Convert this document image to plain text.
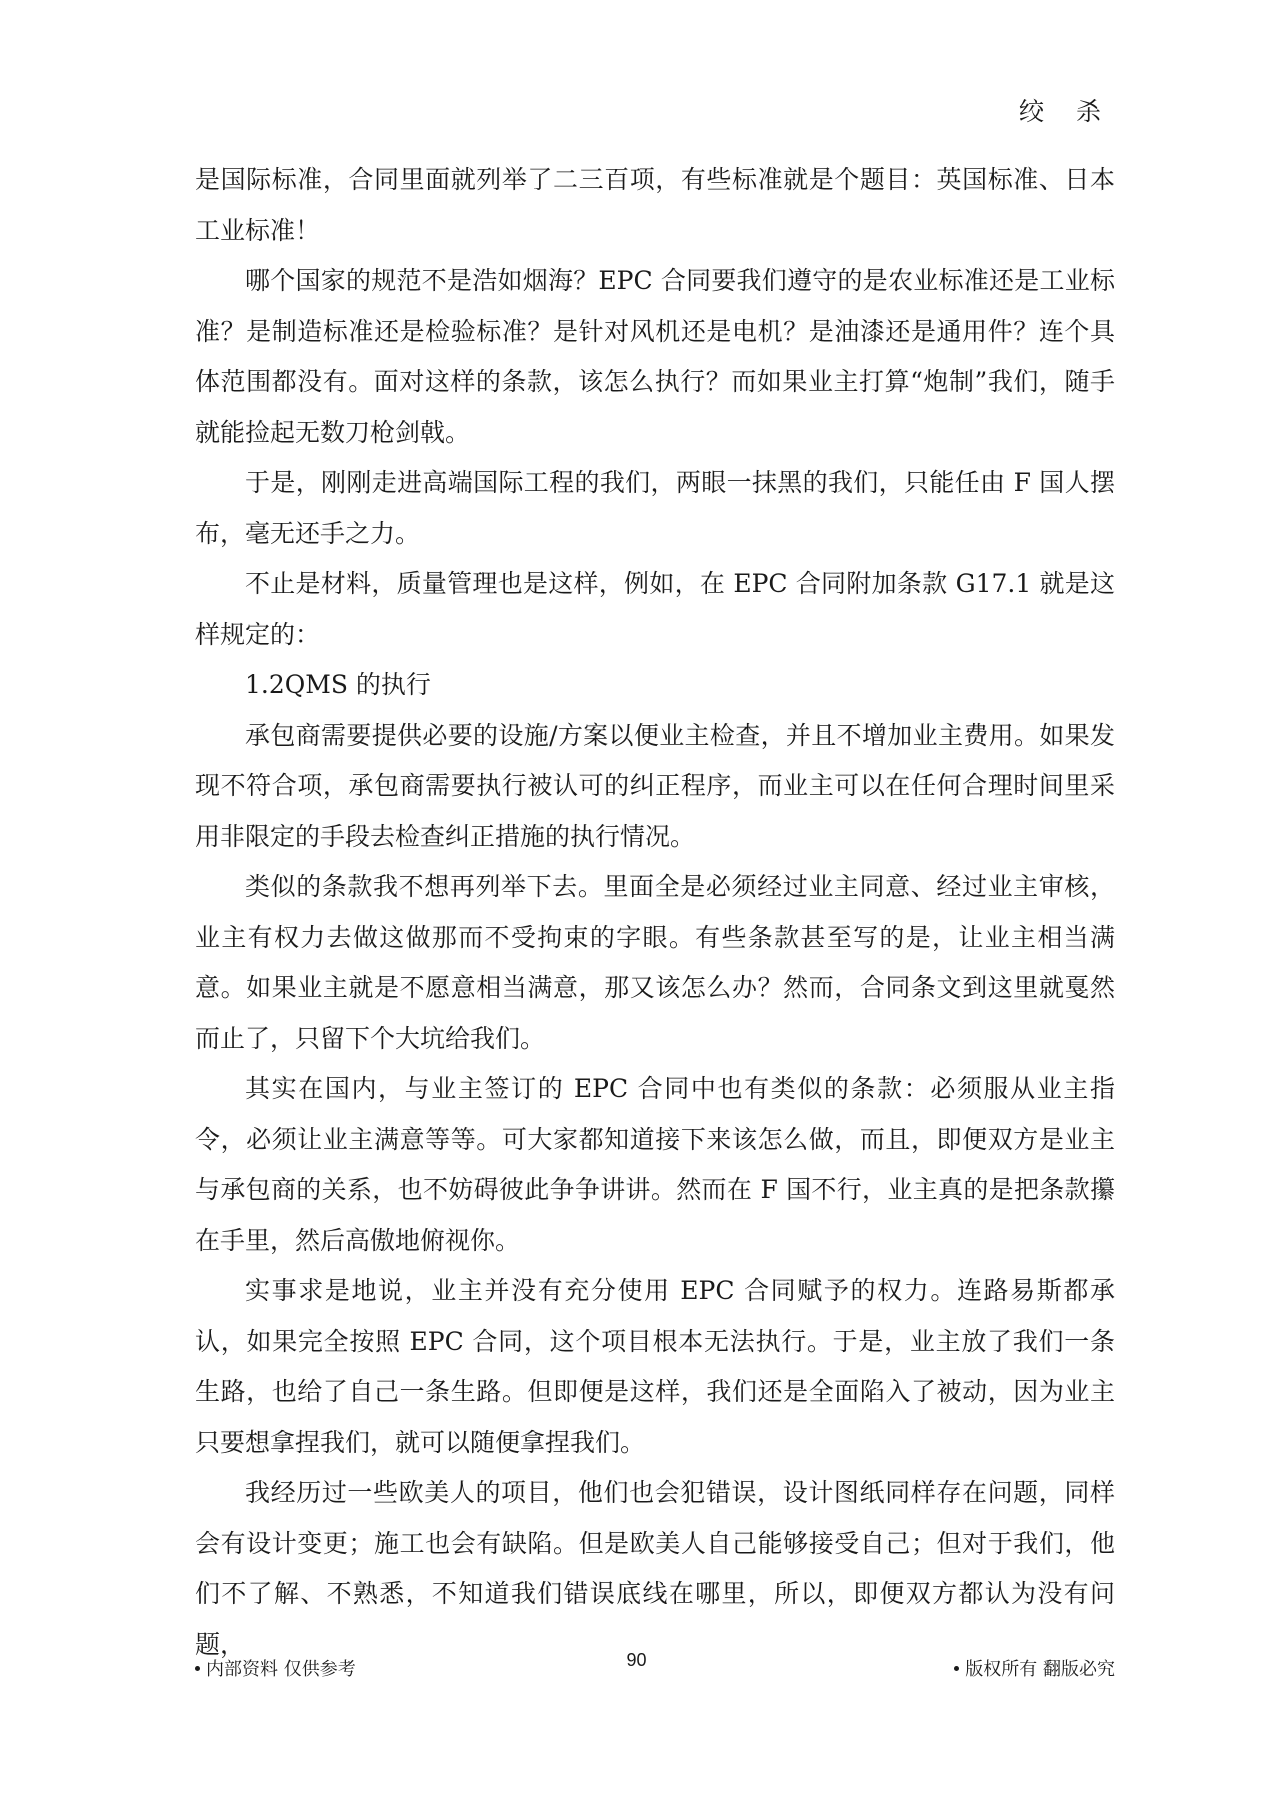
绞 杀

是国际标准，合同里面就列举了二三百项，有些标准就是个题目：英国标准、日本工业标准！

哪个国家的规范不是浩如烟海？EPC 合同要我们遵守的是农业标准还是工业标准？是制造标准还是检验标准？是针对风机还是电机？是油漆还是通用件？连个具体范围都没有。面对这样的条款，该怎么执行？而如果业主打算“炮制”我们，随手就能捡起无数刀枪剑戟。

于是，刚刚走进高端国际工程的我们，两眼一抹黑的我们，只能任由 F 国人摆布，毫无还手之力。

不止是材料，质量管理也是这样，例如，在 EPC 合同附加条款 G17.1 就是这样规定的：

1.2QMS 的执行

承包商需要提供必要的设施/方案以便业主检查，并且不增加业主费用。如果发现不符合项，承包商需要执行被认可的纠正程序，而业主可以在任何合理时间里采用非限定的手段去检查纠正措施的执行情况。

类似的条款我不想再列举下去。里面全是必须经过业主同意、经过业主审核，业主有权力去做这做那而不受拘束的字眼。有些条款甚至写的是，让业主相当满意。如果业主就是不愿意相当满意，那又该怎么办？然而，合同条文到这里就戛然而止了，只留下个大坑给我们。

其实在国内，与业主签订的 EPC 合同中也有类似的条款：必须服从业主指令，必须让业主满意等等。可大家都知道接下来该怎么做，而且，即便双方是业主与承包商的关系，也不妨碍彼此争争讲讲。然而在 F 国不行，业主真的是把条款攥在手里，然后高傲地俯视你。

实事求是地说，业主并没有充分使用 EPC 合同赋予的权力。连路易斯都承认，如果完全按照 EPC 合同，这个项目根本无法执行。于是，业主放了我们一条生路，也给了自己一条生路。但即便是这样，我们还是全面陷入了被动，因为业主只要想拿捏我们，就可以随便拿捏我们。

我经历过一些欧美人的项目，他们也会犯错误，设计图纸同样存在问题，同样会有设计变更；施工也会有缺陷。但是欧美人自己能够接受自己；但对于我们，他们不了解、不熟悉，不知道我们错误底线在哪里，所以，即便双方都认为没有问题，

内部资料 仅供参考	90	版权所有 翻版必究
